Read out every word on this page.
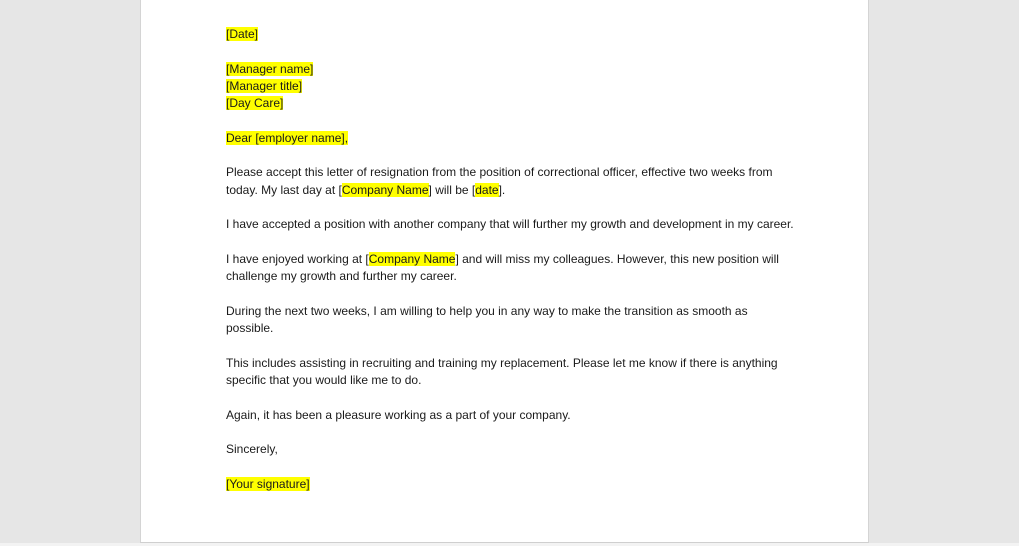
[Date]

[Manager name]

[Manager title]

[Day Care]

Dear [employer name],

Please accept this letter of resignation from the position of correctional officer, effective two weeks from today. My last day at [Company Name] will be [date].

I have accepted a position with another company that will further my growth and development in my career.

I have enjoyed working at [Company Name] and will miss my colleagues. However, this new position will challenge my growth and further my career.

During the next two weeks, I am willing to help you in any way to make the transition as smooth as possible.

This includes assisting in recruiting and training my replacement. Please let me know if there is anything specific that you would like me to do.

Again, it has been a pleasure working as a part of your company.

Sincerely,

[Your signature]
